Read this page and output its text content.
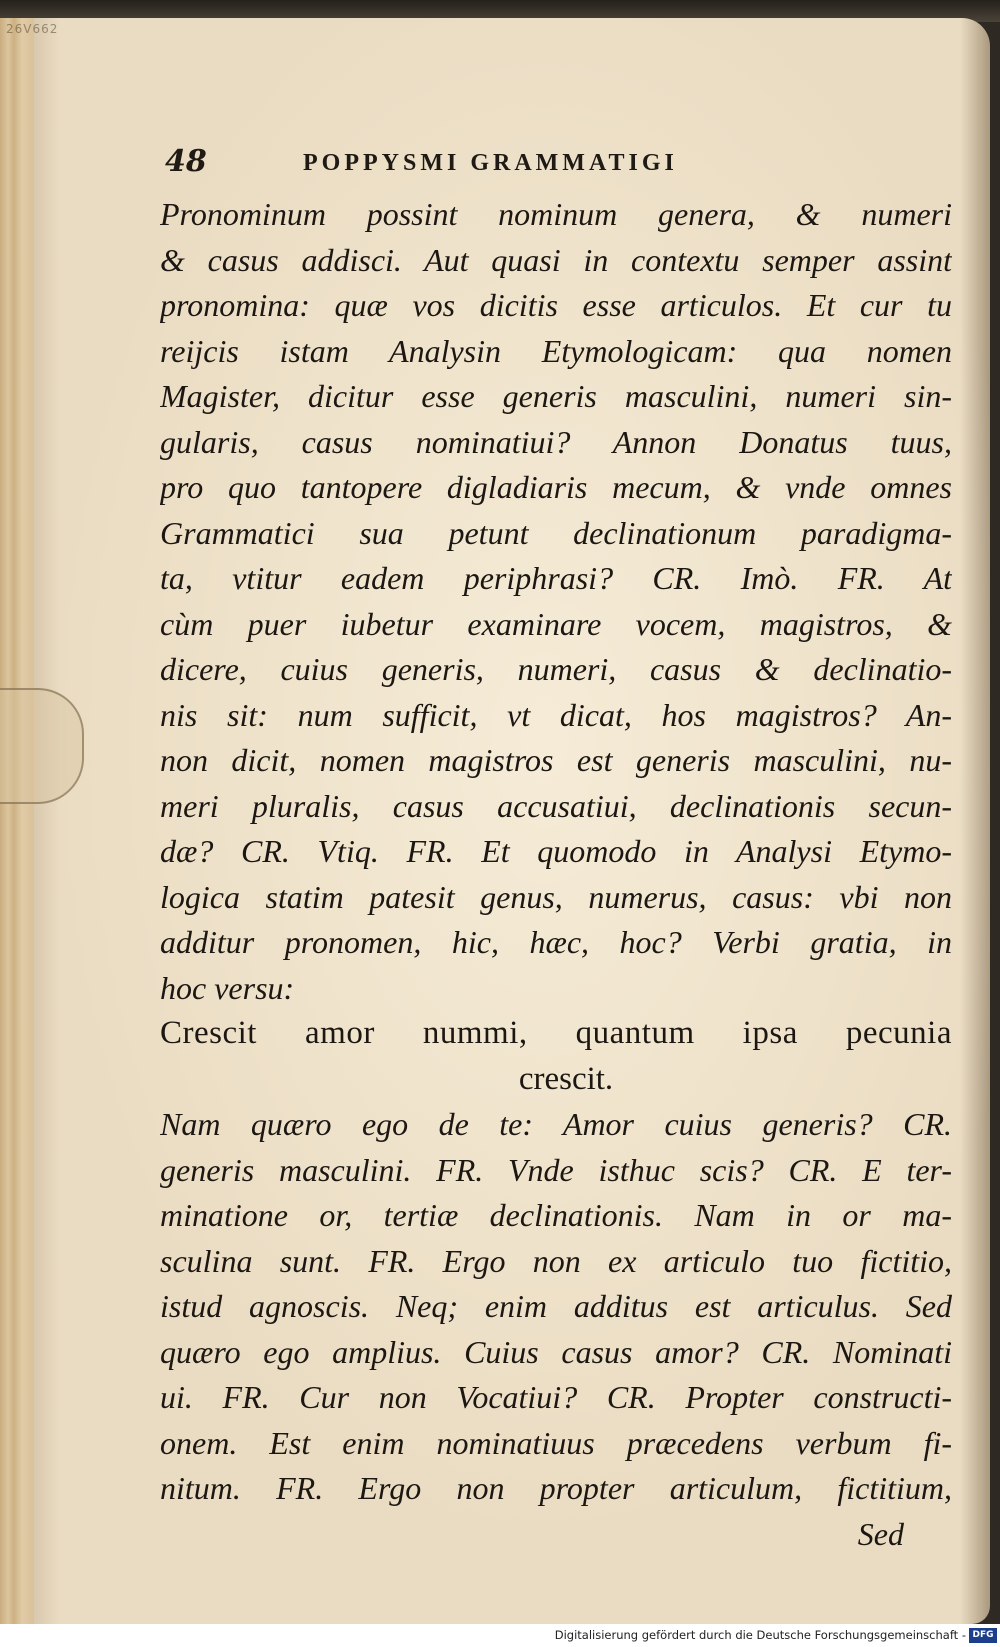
26V662
48	POPPYSMI GRAMMATIGI
Pronominum possint nominum genera, & numeri
& casus addisci. Aut quasi in contextu semper assint
pronomina: quæ vos dicitis esse articulos. Et cur tu
reijcis istam Analysin Etymologicam: qua nomen
Magister, dicitur esse generis masculini, numeri sin-
gularis, casus nominatiui? Annon Donatus tuus,
pro quo tantopere digladiaris mecum, & vnde omnes
Grammatici sua petunt declinationum paradigma-
ta, vtitur eadem periphrasi? CR. Imò. FR. At
cùm puer iubetur examinare vocem, magistros, &
dicere, cuius generis, numeri, casus & declinatio-
nis sit: num sufficit, vt dicat, hos magistros? An-
non dicit, nomen magistros est generis masculini, nu-
meri pluralis, casus accusatiui, declinationis secun-
dæ? CR. Vtiq. FR. Et quomodo in Analysi Etymo-
logica statim patesit genus, numerus, casus: vbi non
additur pronomen, hic, hæc, hoc? Verbi gratia, in
hoc versu:
Crescit amor nummi, quantum ipsa pecunia
crescit.
Nam quæro ego de te: Amor cuius generis? CR.
generis masculini. FR. Vnde isthuc scis? CR. E ter-
minatione or, tertiæ declinationis. Nam in or ma-
sculina sunt. FR. Ergo non ex articulo tuo fictitio,
istud agnoscis. Neq; enim additus est articulus. Sed
quæro ego amplius. Cuius casus amor? CR. Nominati
ui. FR. Cur non Vocatiui? CR. Propter constructi-
onem. Est enim nominatiuus præcedens verbum fi-
nitum. FR. Ergo non propter articulum, fictitium,
Sed
Digitalisierung gefördert durch die Deutsche Forschungsgemeinschaft - DFG
